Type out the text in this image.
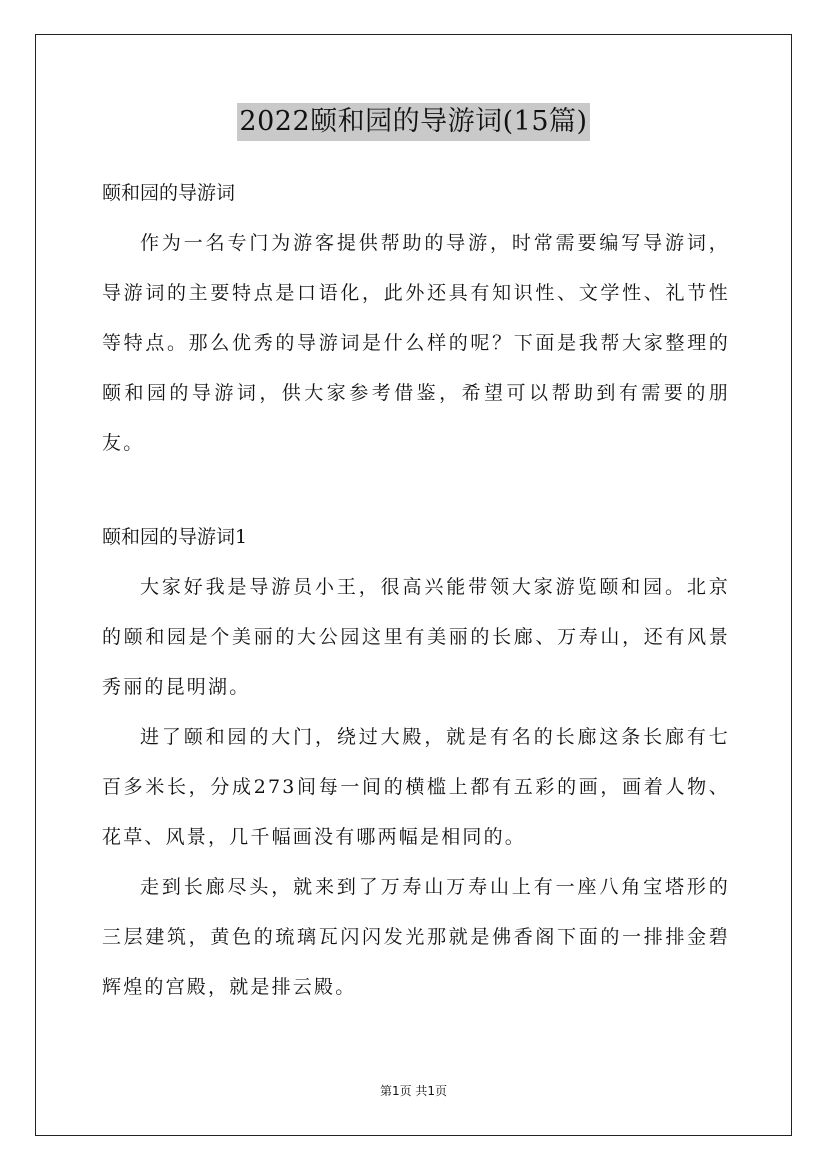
2022颐和园的导游词(15篇)

颐和园的导游词

作为一名专门为游客提供帮助的导游，时常需要编写导游词，导游词的主要特点是口语化，此外还具有知识性、文学性、礼节性等特点。那么优秀的导游词是什么样的呢？下面是我帮大家整理的颐和园的导游词，供大家参考借鉴，希望可以帮助到有需要的朋友。

颐和园的导游词1

大家好我是导游员小王，很高兴能带领大家游览颐和园。北京的颐和园是个美丽的大公园这里有美丽的长廊、万寿山，还有风景秀丽的昆明湖。

进了颐和园的大门，绕过大殿，就是有名的长廊这条长廊有七百多米长，分成273间每一间的横槛上都有五彩的画，画着人物、花草、风景，几千幅画没有哪两幅是相同的。

走到长廊尽头，就来到了万寿山万寿山上有一座八角宝塔形的三层建筑，黄色的琉璃瓦闪闪发光那就是佛香阁下面的一排排金碧辉煌的宫殿，就是排云殿。

第1页 共1页
